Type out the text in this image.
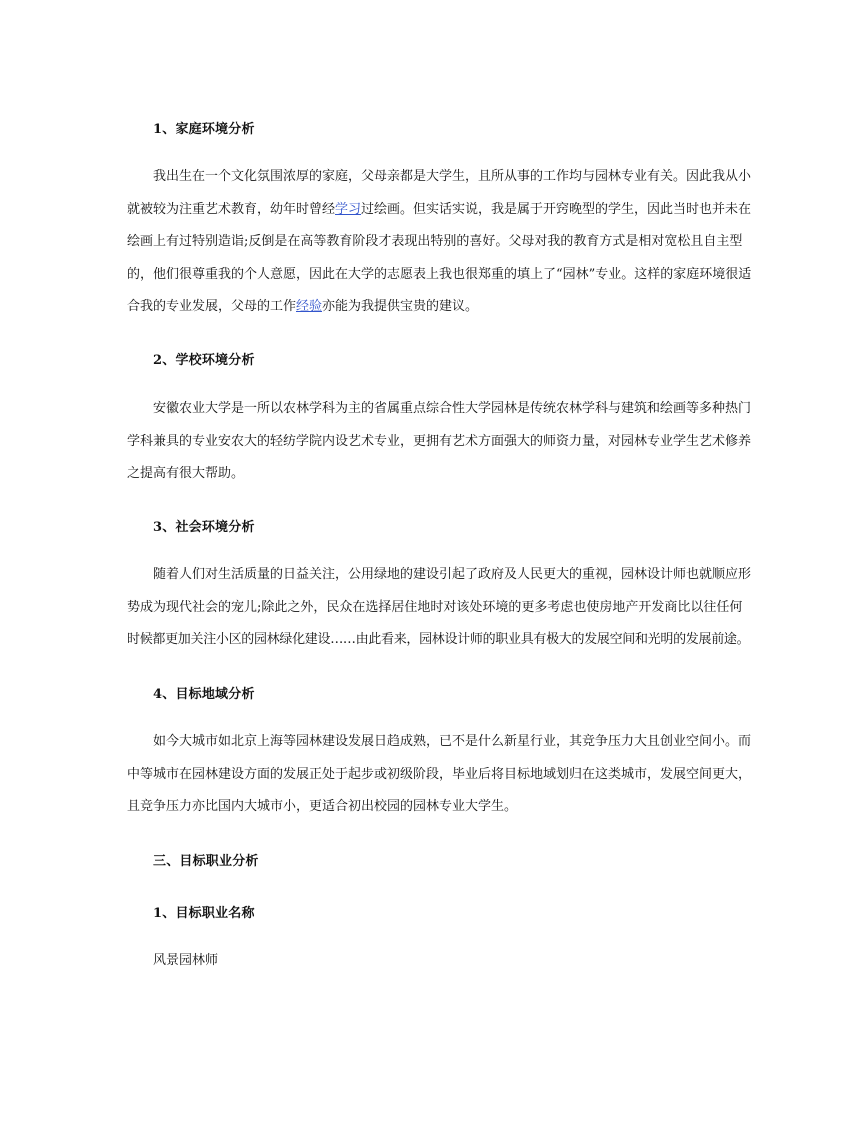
1、家庭环境分析
我出生在一个文化氛围浓厚的家庭，父母亲都是大学生，且所从事的工作均与园林专业有关。因此我从小
就被较为注重艺术教育，幼年时曾经学习过绘画。但实话实说，我是属于开窍晚型的学生，因此当时也并未在
绘画上有过特别造诣;反倒是在高等教育阶段才表现出特别的喜好。父母对我的教育方式是相对宽松且自主型
的，他们很尊重我的个人意愿，因此在大学的志愿表上我也很郑重的填上了“园林”专业。这样的家庭环境很适
合我的专业发展，父母的工作经验亦能为我提供宝贵的建议。
2、学校环境分析
安徽农业大学是一所以农林学科为主的省属重点综合性大学园林是传统农林学科与建筑和绘画等多种热门
学科兼具的专业安农大的轻纺学院内设艺术专业，更拥有艺术方面强大的师资力量，对园林专业学生艺术修养
之提高有很大帮助。
3、社会环境分析
随着人们对生活质量的日益关注，公用绿地的建设引起了政府及人民更大的重视，园林设计师也就顺应形
势成为现代社会的宠儿;除此之外，民众在选择居住地时对该处环境的更多考虑也使房地产开发商比以往任何
时候都更加关注小区的园林绿化建设……由此看来，园林设计师的职业具有极大的发展空间和光明的发展前途。
4、目标地域分析
如今大城市如北京上海等园林建设发展日趋成熟，已不是什么新星行业，其竞争压力大且创业空间小。而
中等城市在园林建设方面的发展正处于起步或初级阶段，毕业后将目标地域划归在这类城市，发展空间更大，
且竞争压力亦比国内大城市小，更适合初出校园的园林专业大学生。
三、目标职业分析
1、目标职业名称
风景园林师
